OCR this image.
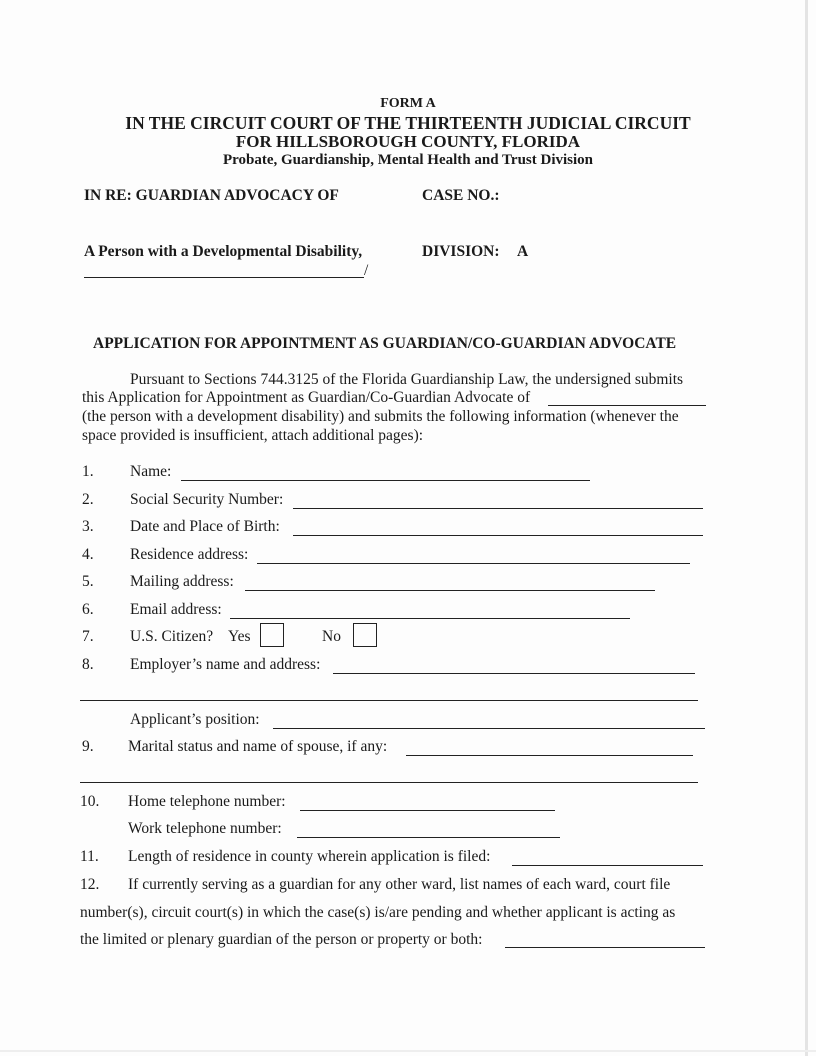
FORM A
IN THE CIRCUIT COURT OF THE THIRTEENTH JUDICIAL CIRCUIT
FOR HILLSBOROUGH COUNTY, FLORIDA
Probate, Guardianship, Mental Health and Trust Division
IN RE: GUARDIAN ADVOCACY OF	CASE NO.:
A Person with a Developmental Disability,	DIVISION: A
/
APPLICATION FOR APPOINTMENT AS GUARDIAN/CO-GUARDIAN ADVOCATE
Pursuant to Sections 744.3125 of the Florida Guardianship Law, the undersigned submits
this Application for Appointment as Guardian/Co-Guardian Advocate of
(the person with a development disability) and submits the following information (whenever the
space provided is insufficient, attach additional pages):
1. Name:
2. Social Security Number:
3. Date and Place of Birth:
4. Residence address:
5. Mailing address:
6. Email address:
7. U.S. Citizen? Yes	No
8. Employer’s name and address:
Applicant’s position:
9. Marital status and name of spouse, if any:
10. Home telephone number:
Work telephone number:
11. Length of residence in county wherein application is filed:
12. If currently serving as a guardian for any other ward, list names of each ward, court file
number(s), circuit court(s) in which the case(s) is/are pending and whether applicant is acting as
the limited or plenary guardian of the person or property or both:
